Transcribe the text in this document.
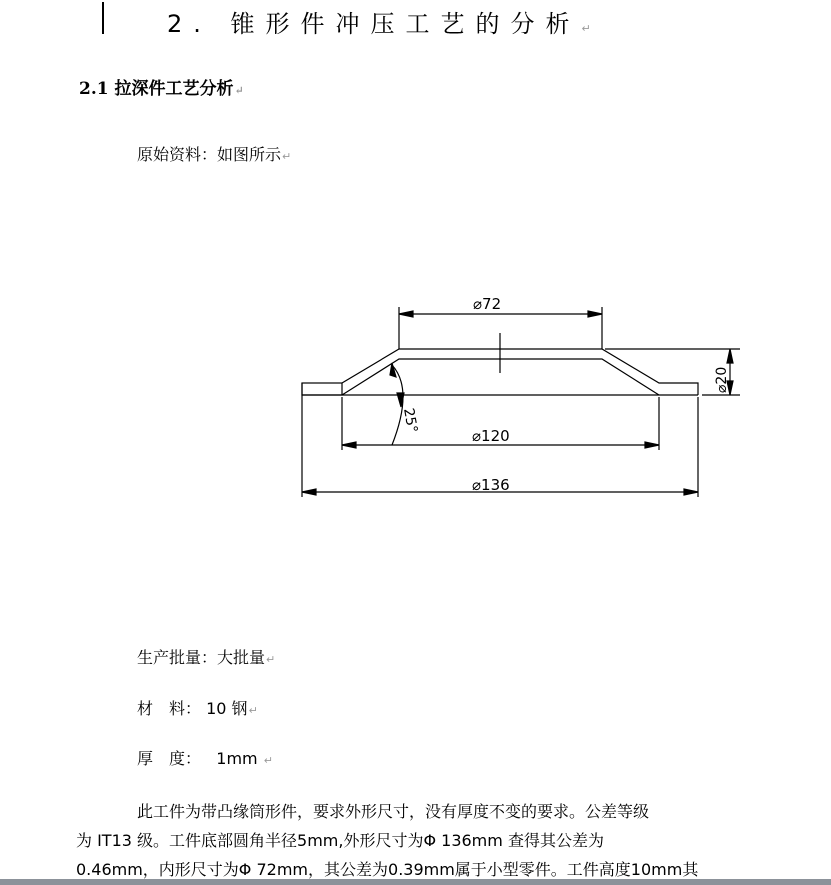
2. 锥形件冲压工艺的分析↵
2.1 拉深件工艺分析↵
原始资料：如图所示↵
⌀72
⌀20
⌀120
25°
⌀136
生产批量：大批量↵
材　料： 10 钢↵
厚　度： 1mm ↵
此工件为带凸缘筒形件，要求外形尺寸，没有厚度不变的要求。公差等级
为 IT13 级。工件底部圆角半径5mm,外形尺寸为Φ 136mm 查得其公差为
0.46mm，内形尺寸为Φ 72mm，其公差为0.39mm属于小型零件。工件高度10mm其
